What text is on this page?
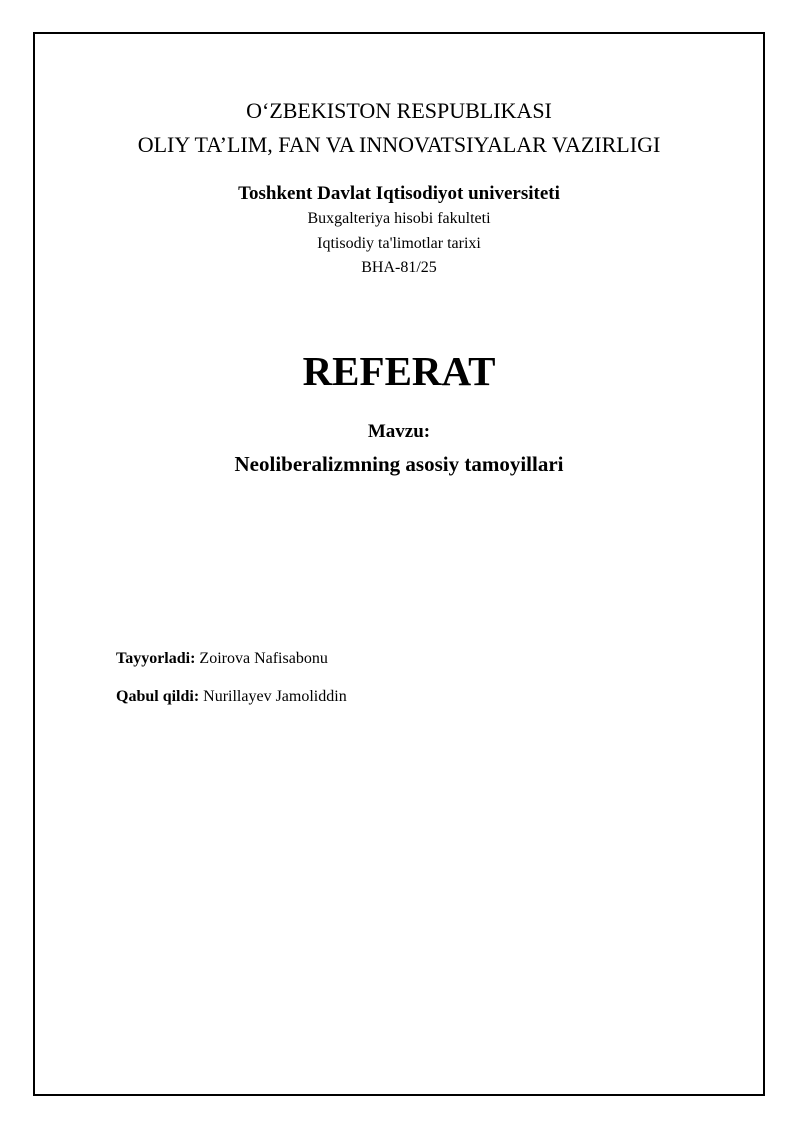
O‘ZBEKISTON RESPUBLIKASI

OLIY TA’LIM, FAN VA INNOVATSIYALAR VAZIRLIGI

Toshkent Davlat Iqtisodiyot universiteti

Buxgalteriya hisobi fakulteti

Iqtisodiy ta'limotlar tarixi

BHA-81/25

REFERAT

Mavzu:

Neoliberalizmning asosiy tamoyillari

Tayyorladi: Zoirova Nafisabonu
Qabul qildi: Nurillayev Jamoliddin
